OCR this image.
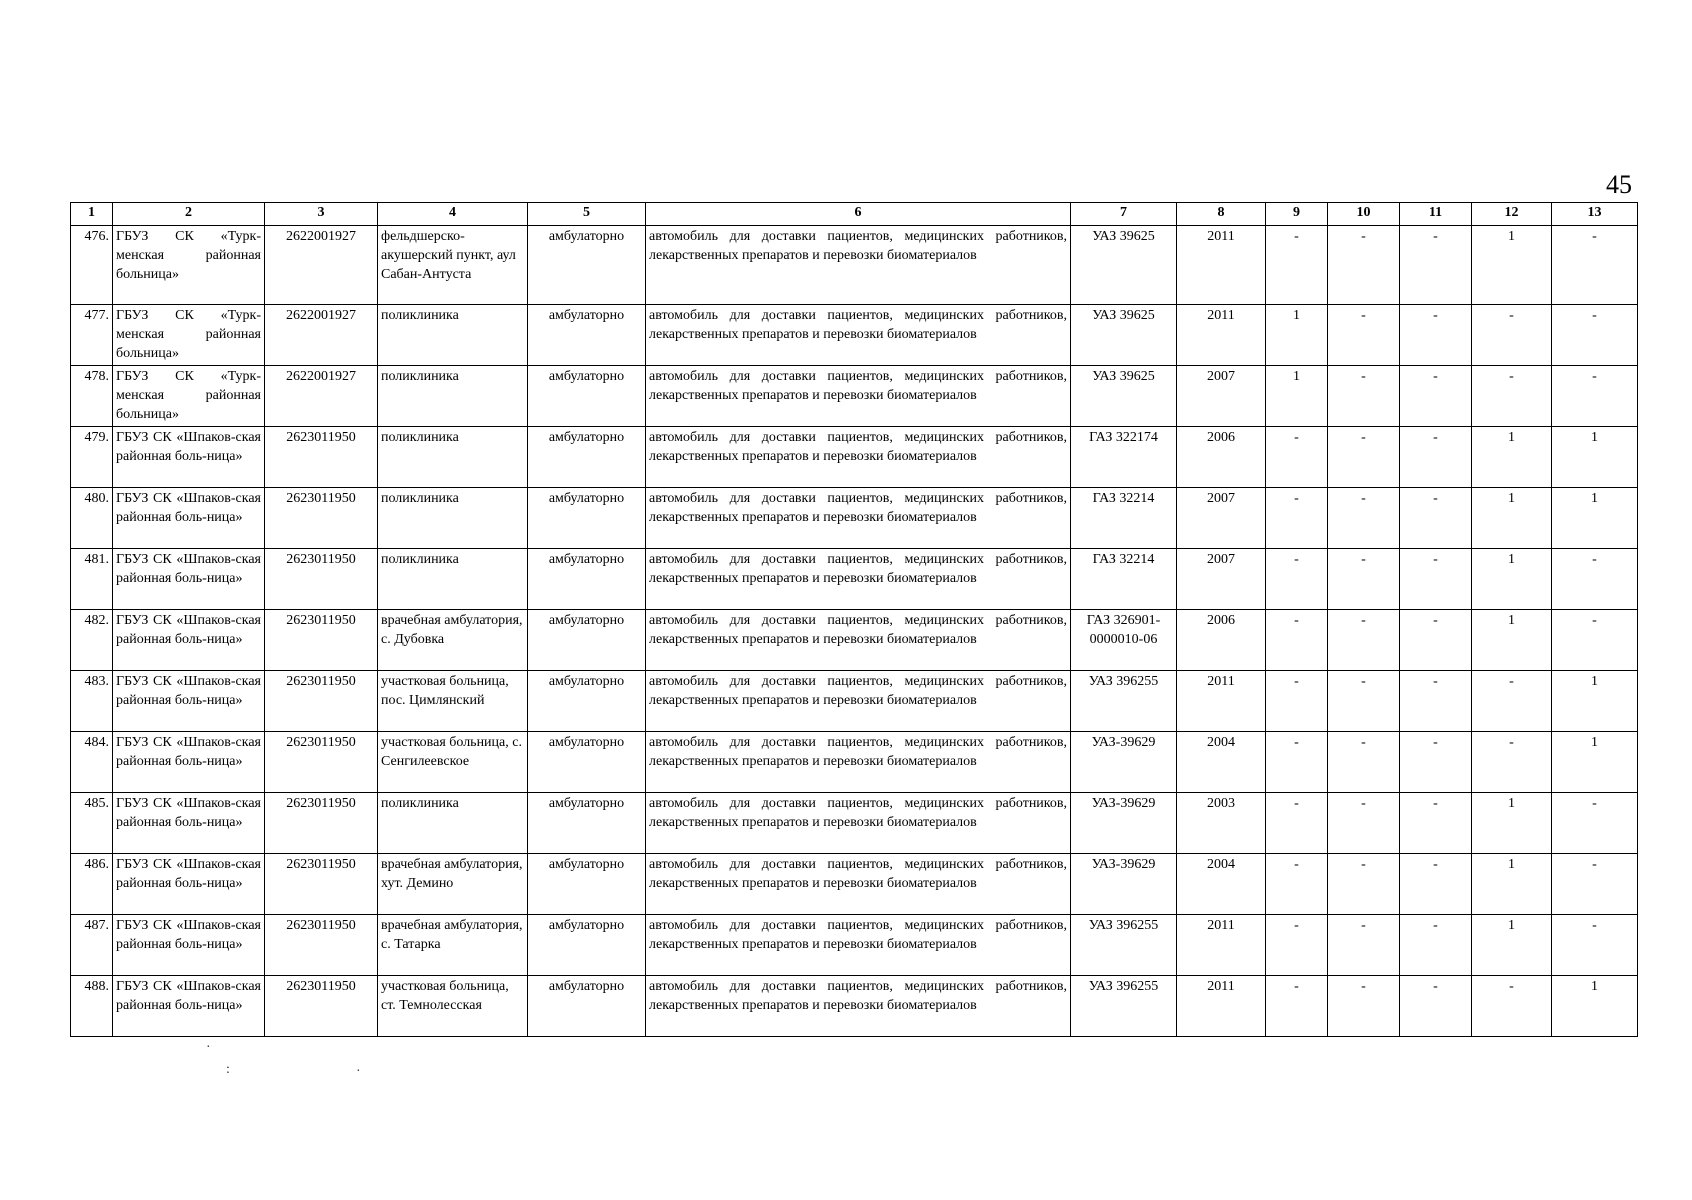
45
1	2	3	4	5	6	7	8	9	10	11	12	13
476.	ГБУЗ СК «Турк-менская районная больница»	2622001927	фельдшерско-акушерский пункт, аул Сабан-Антуста	амбулаторно	автомобиль для доставки пациентов, медицинских работников, лекарственных препаратов и перевозки биоматериалов	УАЗ 39625	2011	-	-	-	1	-
477.	ГБУЗ СК «Турк-менская районная больница»	2622001927	поликлиника	амбулаторно	автомобиль для доставки пациентов, медицинских работников, лекарственных препаратов и перевозки биоматериалов	УАЗ 39625	2011	1	-	-	-	-
478.	ГБУЗ СК «Турк-менская районная больница»	2622001927	поликлиника	амбулаторно	автомобиль для доставки пациентов, медицинских работников, лекарственных препаратов и перевозки биоматериалов	УАЗ 39625	2007	1	-	-	-	-
479.	ГБУЗ СК «Шпаков-ская районная боль-ница»	2623011950	поликлиника	амбулаторно	автомобиль для доставки пациентов, медицинских работников, лекарственных препаратов и перевозки биоматериалов	ГАЗ 322174	2006	-	-	-	1	1
480.	ГБУЗ СК «Шпаков-ская районная боль-ница»	2623011950	поликлиника	амбулаторно	автомобиль для доставки пациентов, медицинских работников, лекарственных препаратов и перевозки биоматериалов	ГАЗ 32214	2007	-	-	-	1	1
481.	ГБУЗ СК «Шпаков-ская районная боль-ница»	2623011950	поликлиника	амбулаторно	автомобиль для доставки пациентов, медицинских работников, лекарственных препаратов и перевозки биоматериалов	ГАЗ 32214	2007	-	-	-	1	-
482.	ГБУЗ СК «Шпаков-ская районная боль-ница»	2623011950	врачебная амбулатория, с. Дубовка	амбулаторно	автомобиль для доставки пациентов, медицинских работников, лекарственных препаратов и перевозки биоматериалов	ГАЗ 326901-0000010-06	2006	-	-	-	1	-
483.	ГБУЗ СК «Шпаков-ская районная боль-ница»	2623011950	участковая больница, пос. Цимлянский	амбулаторно	автомобиль для доставки пациентов, медицинских работников, лекарственных препаратов и перевозки биоматериалов	УАЗ 396255	2011	-	-	-	-	1
484.	ГБУЗ СК «Шпаков-ская районная боль-ница»	2623011950	участковая больница, с. Сенгилеевское	амбулаторно	автомобиль для доставки пациентов, медицинских работников, лекарственных препаратов и перевозки биоматериалов	УАЗ-39629	2004	-	-	-	-	1
485.	ГБУЗ СК «Шпаков-ская районная боль-ница»	2623011950	поликлиника	амбулаторно	автомобиль для доставки пациентов, медицинских работников, лекарственных препаратов и перевозки биоматериалов	УАЗ-39629	2003	-	-	-	1	-
486.	ГБУЗ СК «Шпаков-ская районная боль-ница»	2623011950	врачебная амбулатория, хут. Демино	амбулаторно	автомобиль для доставки пациентов, медицинских работников, лекарственных препаратов и перевозки биоматериалов	УАЗ-39629	2004	-	-	-	1	-
487.	ГБУЗ СК «Шпаков-ская районная боль-ница»	2623011950	врачебная амбулатория, с. Татарка	амбулаторно	автомобиль для доставки пациентов, медицинских работников, лекарственных препаратов и перевозки биоматериалов	УАЗ 396255	2011	-	-	-	1	-
488.	ГБУЗ СК «Шпаков-ская районная боль-ница»	2623011950	участковая больница, ст. Темнолесская	амбулаторно	автомобиль для доставки пациентов, медицинских работников, лекарственных препаратов и перевозки биоматериалов	УАЗ 396255	2011	-	-	-	-	1
·
:	·
